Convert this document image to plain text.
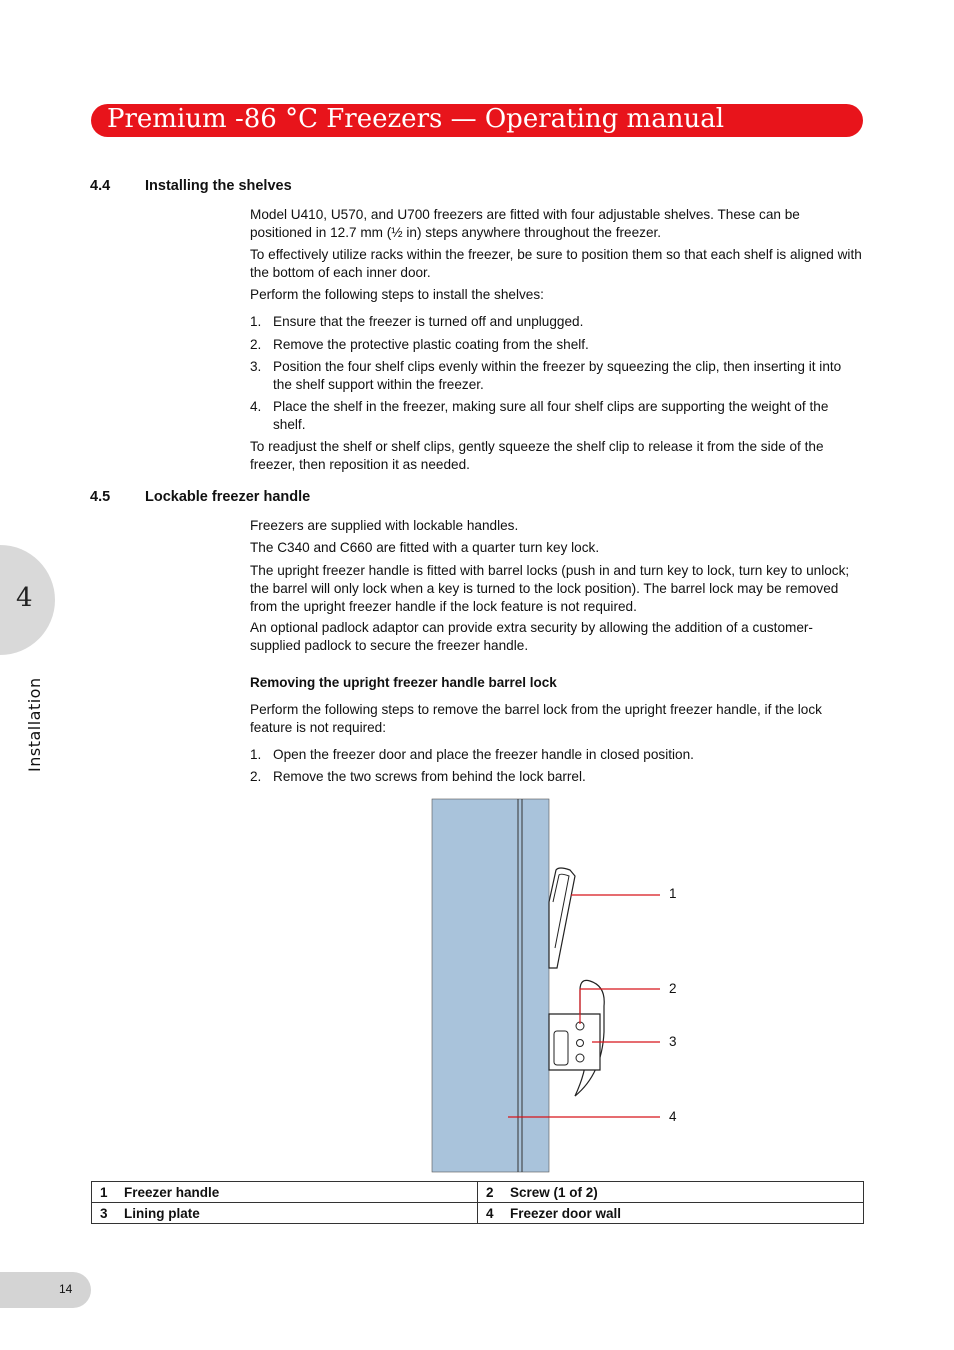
Premium -86 °C Freezers — Operating manual
4.4 Installing the shelves

Model U410, U570, and U700 freezers are fitted with four adjustable shelves. These can be positioned in 12.7 mm (½ in) steps anywhere throughout the freezer.

To effectively utilize racks within the freezer, be sure to position them so that each shelf is aligned with the bottom of each inner door.

Perform the following steps to install the shelves:

1. Ensure that the freezer is turned off and unplugged.
2. Remove the protective plastic coating from the shelf.
3. Position the four shelf clips evenly within the freezer by squeezing the clip, then inserting it into the shelf support within the freezer.
4. Place the shelf in the freezer, making sure all four shelf clips are supporting the weight of the shelf.

To readjust the shelf or shelf clips, gently squeeze the shelf clip to release it from the side of the freezer, then reposition it as needed.

4.5 Lockable freezer handle

Freezers are supplied with lockable handles.

The C340 and C660 are fitted with a quarter turn key lock.

The upright freezer handle is fitted with barrel locks (push in and turn key to lock, turn key to unlock; the barrel will only lock when a key is turned to the lock position). The barrel lock may be removed from the upright freezer handle if the lock feature is not required.

An optional padlock adaptor can provide extra security by allowing the addition of a customer-supplied padlock to secure the freezer handle.

Removing the upright freezer handle barrel lock

Perform the following steps to remove the barrel lock from the upright freezer handle, if the lock feature is not required:

1. Open the freezer door and place the freezer handle in closed position.
2. Remove the two screws from behind the lock barrel.
1
2
3
4
1 Freezer handle	2 Screw (1 of 2)
3 Lining plate	4 Freezer door wall
4
Installation
14
